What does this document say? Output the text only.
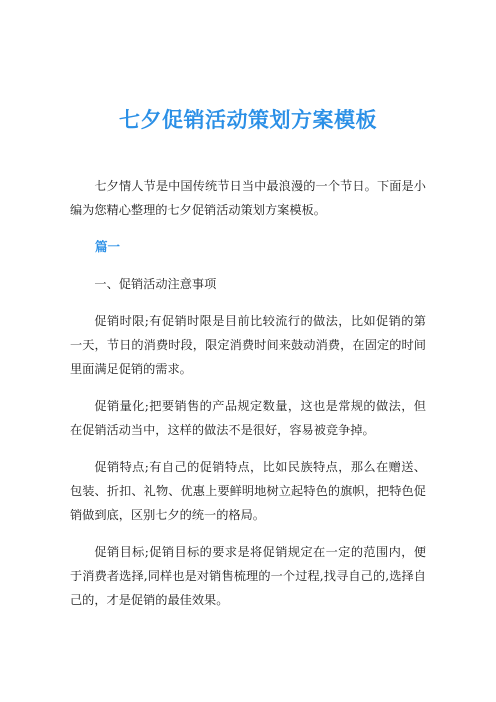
七夕促销活动策划方案模板

七夕情人节是中国传统节日当中最浪漫的一个节日。下面是小编为您精心整理的七夕促销活动策划方案模板。

篇一

一、促销活动注意事项

促销时限;有促销时限是目前比较流行的做法，比如促销的第一天，节日的消费时段，限定消费时间来鼓动消费，在固定的时间里面满足促销的需求。

促销量化;把要销售的产品规定数量，这也是常规的做法，但在促销活动当中，这样的做法不是很好，容易被竞争掉。

促销特点;有自己的促销特点，比如民族特点，那么在赠送、包装、折扣、礼物、优惠上要鲜明地树立起特色的旗帜，把特色促销做到底，区别七夕的统一的格局。

促销目标;促销目标的要求是将促销规定在一定的范围内，便于消费者选择,同样也是对销售梳理的一个过程,找寻自己的,选择自己的，才是促销的最佳效果。
